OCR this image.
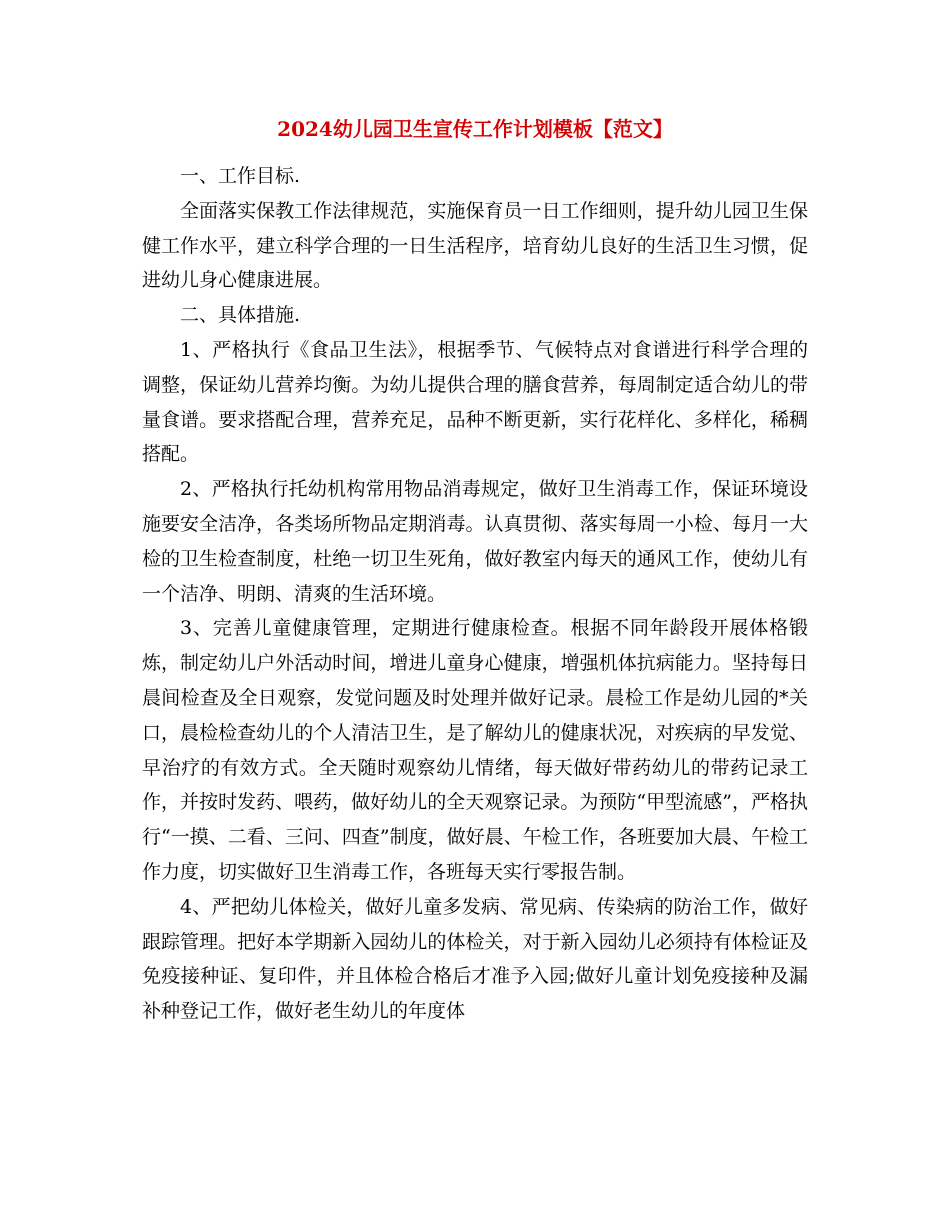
2024幼儿园卫生宣传工作计划模板【范文】

一、工作目标.

全面落实保教工作法律规范，实施保育员一日工作细则，提升幼儿园卫生保健工作水平，建立科学合理的一日生活程序，培育幼儿良好的生活卫生习惯，促进幼儿身心健康进展。

二、具体措施.

1、严格执行《食品卫生法》，根据季节、气候特点对食谱进行科学合理的调整，保证幼儿营养均衡。为幼儿提供合理的膳食营养，每周制定适合幼儿的带量食谱。要求搭配合理，营养充足，品种不断更新，实行花样化、多样化，稀稠搭配。

2、严格执行托幼机构常用物品消毒规定，做好卫生消毒工作，保证环境设施要安全洁净，各类场所物品定期消毒。认真贯彻、落实每周一小检、每月一大检的卫生检查制度，杜绝一切卫生死角，做好教室内每天的通风工作，使幼儿有一个洁净、明朗、清爽的生活环境。

3、完善儿童健康管理，定期进行健康检查。根据不同年龄段开展体格锻炼，制定幼儿户外活动时间，增进儿童身心健康，增强机体抗病能力。坚持每日晨间检查及全日观察，发觉问题及时处理并做好记录。晨检工作是幼儿园的*关口，晨检检查幼儿的个人清洁卫生，是了解幼儿的健康状况，对疾病的早发觉、早治疗的有效方式。全天随时观察幼儿情绪，每天做好带药幼儿的带药记录工作，并按时发药、喂药，做好幼儿的全天观察记录。为预防“甲型流感”，严格执行“一摸、二看、三问、四查”制度，做好晨、午检工作，各班要加大晨、午检工作力度，切实做好卫生消毒工作，各班每天实行零报告制。

4、严把幼儿体检关，做好儿童多发病、常见病、传染病的防治工作，做好跟踪管理。把好本学期新入园幼儿的体检关，对于新入园幼儿必须持有体检证及免疫接种证、复印件，并且体检合格后才准予入园;做好儿童计划免疫接种及漏补种登记工作，做好老生幼儿的年度体
